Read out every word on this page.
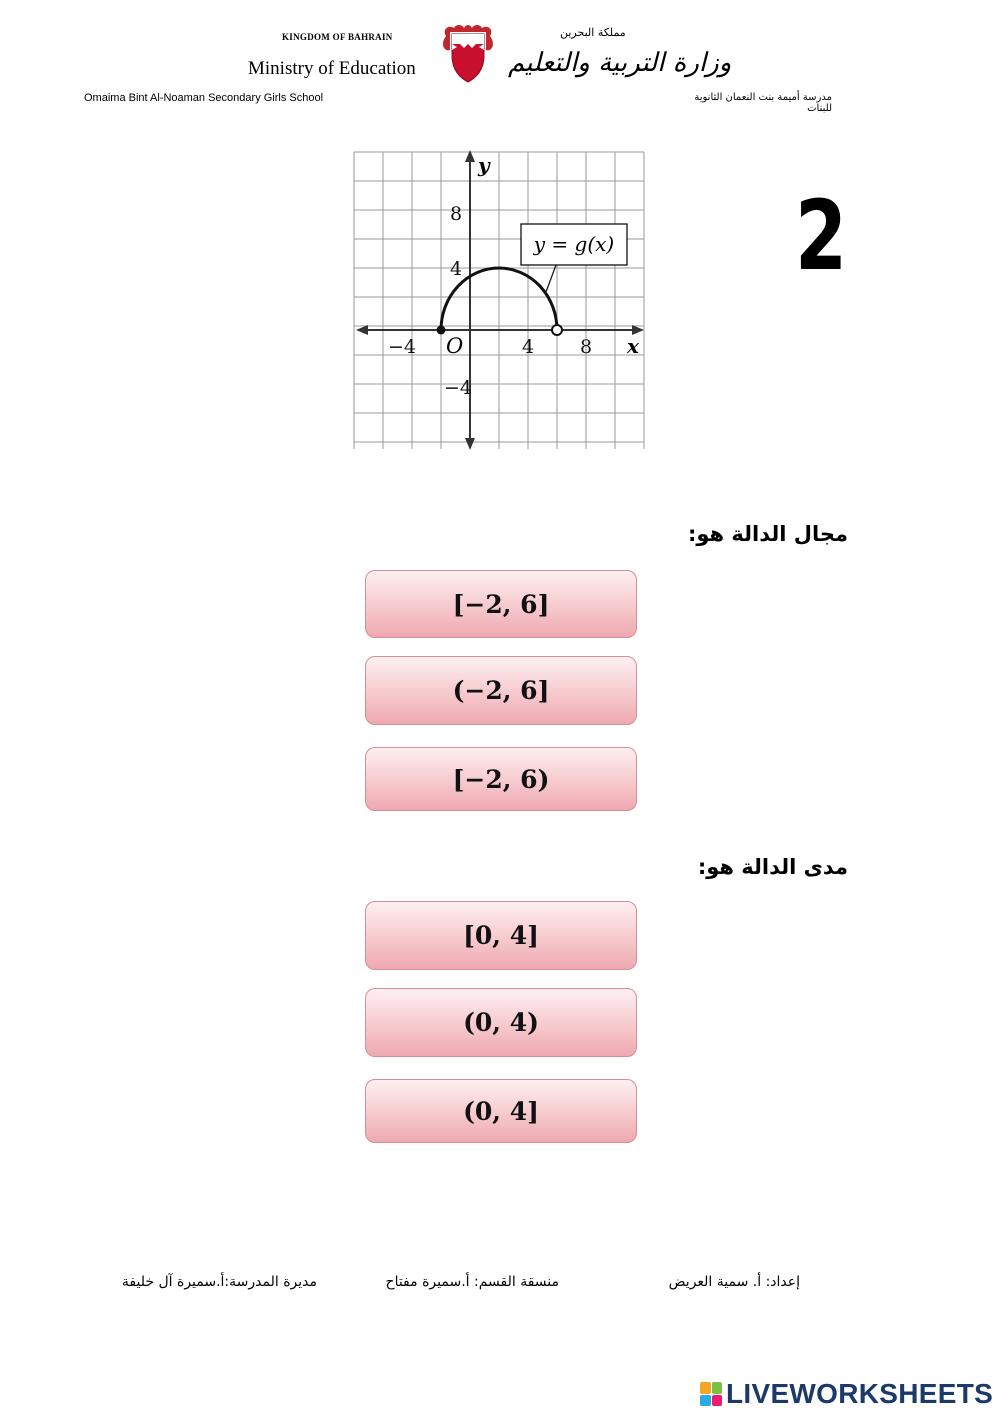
KINGDOM OF BAHRAIN
Ministry of Education
Omaima Bint Al-Noaman Secondary Girls School
مملكة البحرين
وزارة التربية والتعليم
مدرسة أميمة بنت النعمان الثانوية للبنات
2
y = g(x)
y
x
O
−4	4 8
8
4
−4
مجال الدالة هو:
[−2, 6]
(−2, 6]
[−2, 6)
مدى الدالة هو:
[0, 4]
(0, 4)
(0, 4]
إعداد: أ. سمية العريض
منسقة القسم: أ.سميرة مفتاح
مديرة المدرسة:أ.سميرة آل خليفة
LIVEWORKSHEETS
